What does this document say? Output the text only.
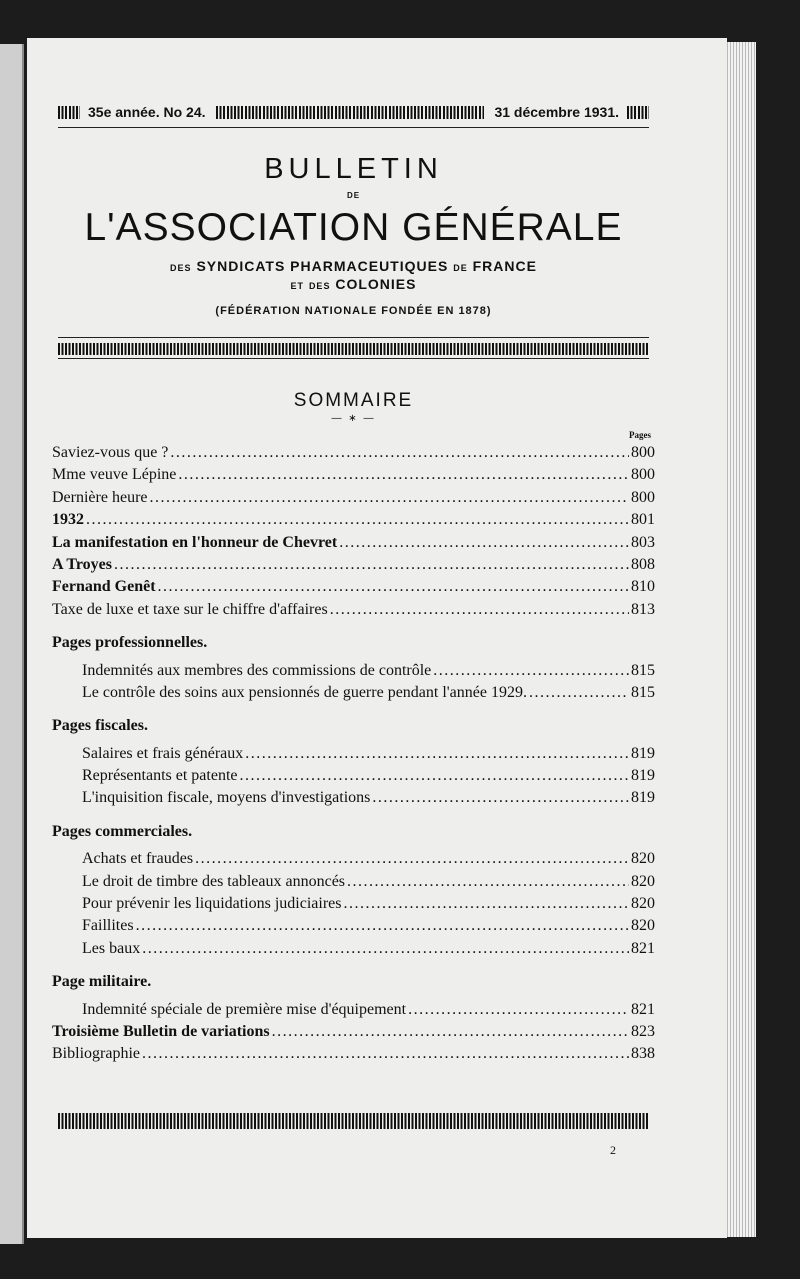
35e année. No 24.	31 décembre 1931.
BULLETIN
DE
L'ASSOCIATION GÉNÉRALE
DES SYNDICATS PHARMACEUTIQUES DE FRANCE
ET DES COLONIES
(FÉDÉRATION NATIONALE FONDÉE EN 1878)
SOMMAIRE
— ∗ —
Pages
Saviez-vous que ? .....	800
Mme veuve Lépine .....	800
Dernière heure .....	800
1932 .....	801
La manifestation en l'honneur de Chevret .....	803
A Troyes .....	808
Fernand Genêt .....	810
Taxe de luxe et taxe sur le chiffre d'affaires .....	813
Pages professionnelles.
Indemnités aux membres des commissions de contrôle .....	815
Le contrôle des soins aux pensionnés de guerre pendant l'année 1929. .....	815
Pages fiscales.
Salaires et frais généraux .....	819
Représentants et patente .....	819
L'inquisition fiscale, moyens d'investigations .....	819
Pages commerciales.
Achats et fraudes .....	820
Le droit de timbre des tableaux annoncés .....	820
Pour prévenir les liquidations judiciaires .....	820
Faillites .....	820
Les baux .....	821
Page militaire.
Indemnité spéciale de première mise d'équipement .....	821
Troisième Bulletin de variations .....	823
Bibliographie .....	838
2
